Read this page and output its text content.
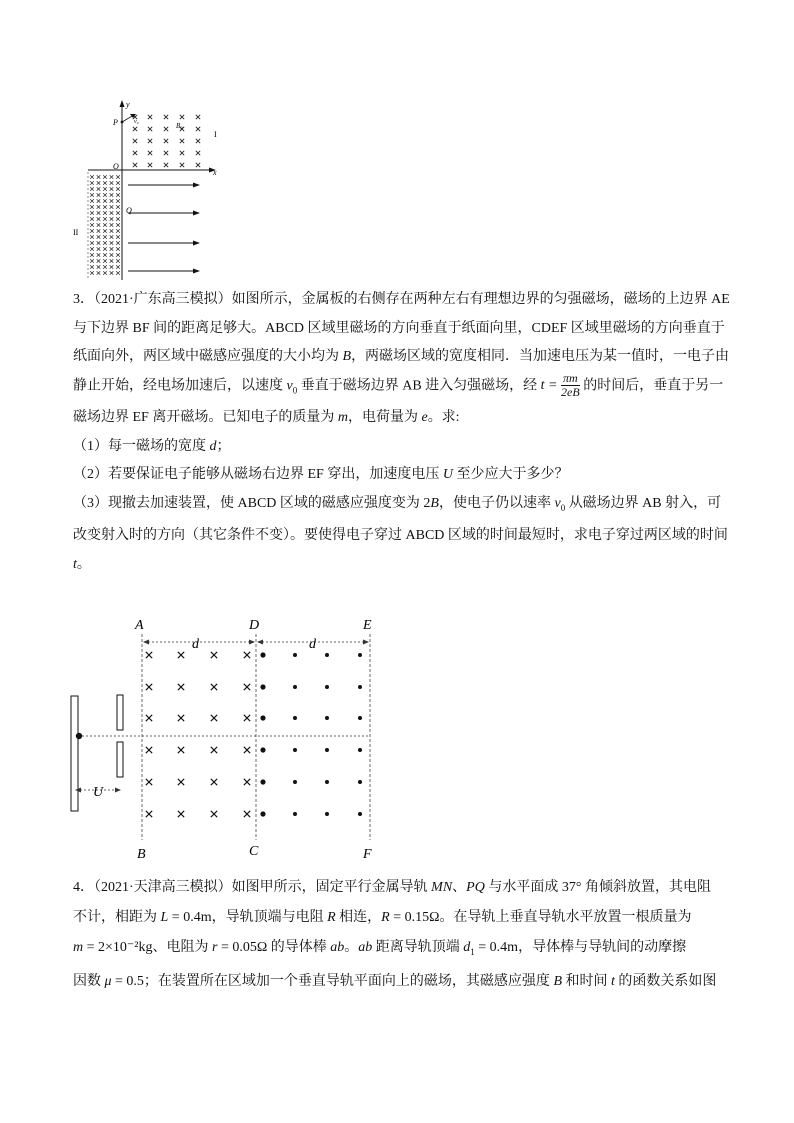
y
x
P
O
Q
v₀	B₀
I
II
3．（2021·广东高三模拟）如图所示，金属板的右侧存在两种左右有理想边界的匀强磁场，磁场的上边界 AE
与下边界 BF 间的距离足够大。ABCD 区域里磁场的方向垂直于纸面向里，CDEF 区域里磁场的方向垂直于
纸面向外，两区域中磁感应强度的大小均为 B，两磁场区域的宽度相同．当加速电压为某一值时，一电子由
静止开始，经电场加速后，以速度 $v_0$ 垂直于磁场边界 AB 进入匀强磁场，经 $t = \frac{\pi m}{2eB}$ 的时间后，垂直于另一
磁场边界 EF 离开磁场。已知电子的质量为 m，电荷量为 e。求:
（1）每一磁场的宽度 d；
（2）若要保证电子能够从磁场右边界 EF 穿出，加速度电压 U 至少应大于多少？
（3）现撤去加速装置，使 ABCD 区域的磁感应强度变为 2B，使电子仍以速率 $v_0$ 从磁场边界 AB 射入，可
改变射入时的方向（其它条件不变）。要使得电子穿过 ABCD 区域的时间最短时，求电子穿过两区域的时间
t。
A	D	E
B	C	F
d	d
U
4．（2021·天津高三模拟）如图甲所示，固定平行金属导轨 MN、PQ 与水平面成 37° 角倾斜放置，其电阻
不计，相距为 L = 0.4m，导轨顶端与电阻 R 相连，R = 0.15Ω。在导轨上垂直导轨水平放置一根质量为
m = 2×10⁻²kg、电阻为 r = 0.05Ω 的导体棒 ab。ab 距离导轨顶端 $d_1 = 0.4m$，导体棒与导轨间的动摩擦
因数 μ = 0.5；在装置所在区域加一个垂直导轨平面向上的磁场，其磁感应强度 B 和时间 t 的函数关系如图
